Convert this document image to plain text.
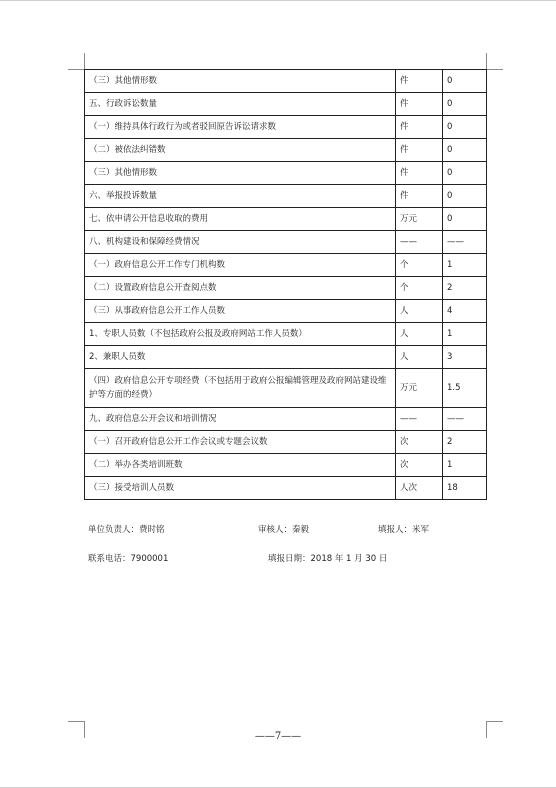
（三）其他情形数	件	0
五、行政诉讼数量	件	0
（一）维持具体行政行为或者驳回原告诉讼请求数	件	0
（二）被依法纠错数	件	0
（三）其他情形数	件	0
六、举报投诉数量	件	0
七、依申请公开信息收取的费用	万元	0
八、机构建设和保障经费情况	——	——
（一）政府信息公开工作专门机构数	个	1
（二）设置政府信息公开查阅点数	个	2
（三）从事政府信息公开工作人员数	人	4
1、专职人员数（不包括政府公报及政府网站工作人员数）	人	1
2、兼职人员数	人	3
（四）政府信息公开专项经费（不包括用于政府公报编辑管理及政府网站建设维护等方面的经费）	万元	1.5
九、政府信息公开会议和培训情况	——	——
（一）召开政府信息公开工作会议或专题会议数	次	2
（二）举办各类培训班数	次	1
（三）接受培训人员数	人次	18
单位负责人：费时铭	审核人：秦毅	填报人：米军
联系电话：7900001	填报日期：2018 年 1 月 30 日
——7——
